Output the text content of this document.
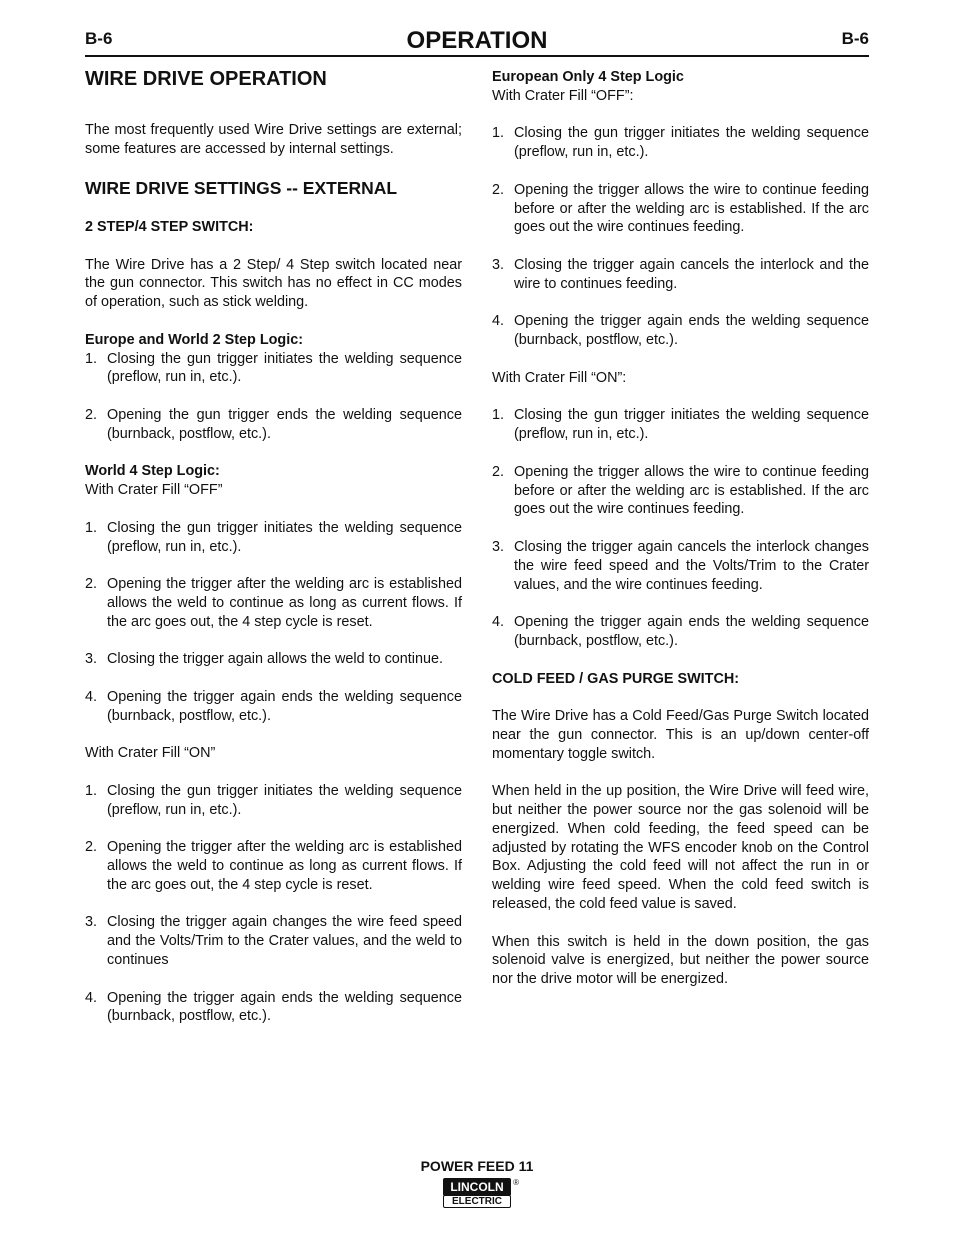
B-6	OPERATION	B-6
WIRE DRIVE OPERATION

The most frequently used Wire Drive settings are external; some features are accessed by internal settings.

WIRE DRIVE SETTINGS -- EXTERNAL

2 STEP/4 STEP SWITCH:

The Wire Drive has a 2 Step/ 4 Step switch located near the gun connector. This switch has no effect in CC modes of operation, such as stick welding.

Europe and World 2 Step Logic:

1. Closing the gun trigger initiates the welding sequence (preflow, run in, etc.).
2. Opening the gun trigger ends the welding sequence (burnback, postflow, etc.).

World 4 Step Logic:

With Crater Fill “OFF”

1. Closing the gun trigger initiates the welding sequence (preflow, run in, etc.).
2. Opening the trigger after the welding arc is established allows the weld to continue as long as current flows. If the arc goes out, the 4 step cycle is reset.
3. Closing the trigger again allows the weld to continue.
4. Opening the trigger again ends the welding sequence (burnback, postflow, etc.).

With Crater Fill “ON”

1. Closing the gun trigger initiates the welding sequence (preflow, run in, etc.).
2. Opening the trigger after the welding arc is established allows the weld to continue as long as current flows. If the arc goes out, the 4 step cycle is reset.
3. Closing the trigger again changes the wire feed speed and the Volts/Trim to the Crater values, and the weld to continues
4. Opening the trigger again ends the welding sequence (burnback, postflow, etc.).

European Only 4 Step Logic

With Crater Fill “OFF”:

1. Closing the gun trigger initiates the welding sequence (preflow, run in, etc.).
2. Opening the trigger allows the wire to continue feeding before or after the welding arc is established. If the arc goes out the wire continues feeding.
3. Closing the trigger again cancels the interlock and the wire to continues feeding.
4. Opening the trigger again ends the welding sequence (burnback, postflow, etc.).

With Crater Fill “ON”:

1. Closing the gun trigger initiates the welding sequence (preflow, run in, etc.).
2. Opening the trigger allows the wire to continue feeding before or after the welding arc is established. If the arc goes out the wire continues feeding.
3. Closing the trigger again cancels the interlock changes the wire feed speed and the Volts/Trim to the Crater values, and the wire continues feeding.
4. Opening the trigger again ends the welding sequence (burnback, postflow, etc.).

COLD FEED / GAS PURGE SWITCH:

The Wire Drive has a Cold Feed/Gas Purge Switch located near the gun connector. This is an up/down center-off momentary toggle switch.

When held in the up position, the Wire Drive will feed wire, but neither the power source nor the gas solenoid will be energized. When cold feeding, the feed speed can be adjusted by rotating the WFS encoder knob on the Control Box. Adjusting the cold feed will not affect the run in or welding wire feed speed. When the cold feed switch is released, the cold feed value is saved.

When this switch is held in the down position, the gas solenoid valve is energized, but neither the power source nor the drive motor will be energized.

POWER FEED 11
LINCOLN ®
ELECTRIC
